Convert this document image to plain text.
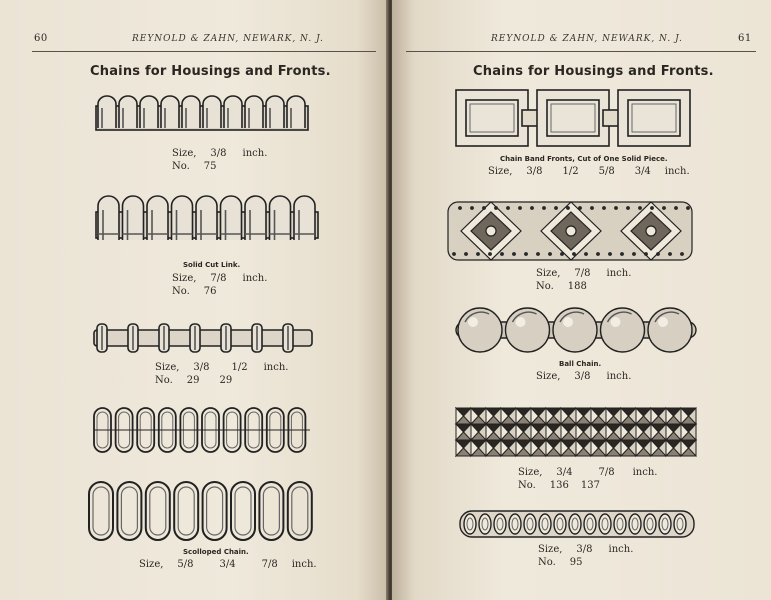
60	REYNOLD & ZAHN, NEWARK, N. J.
Chains for Housings and Fronts.
Size, 3/8 inch.
No. 75
Solid Cut Link.
Size, 7/8 inch.
No. 76
Size, 3/8 1/2 inch.
No. 29 29
Scolloped Chain.
Size, 5/8	3/4	7/8 inch.
REYNOLD & ZAHN, NEWARK, N. J.	61
Chains for Housings and Fronts.
Chain Band Fronts, Cut of One Solid Piece.
Size, 3/8 1/2 5/8 3/4 inch.
Size, 7/8 inch.
No. 188
Ball Chain.
Size, 3/8 inch.
Size, 3/4	7/8 inch.
No. 136 137
Size, 3/8 inch.
No. 95
